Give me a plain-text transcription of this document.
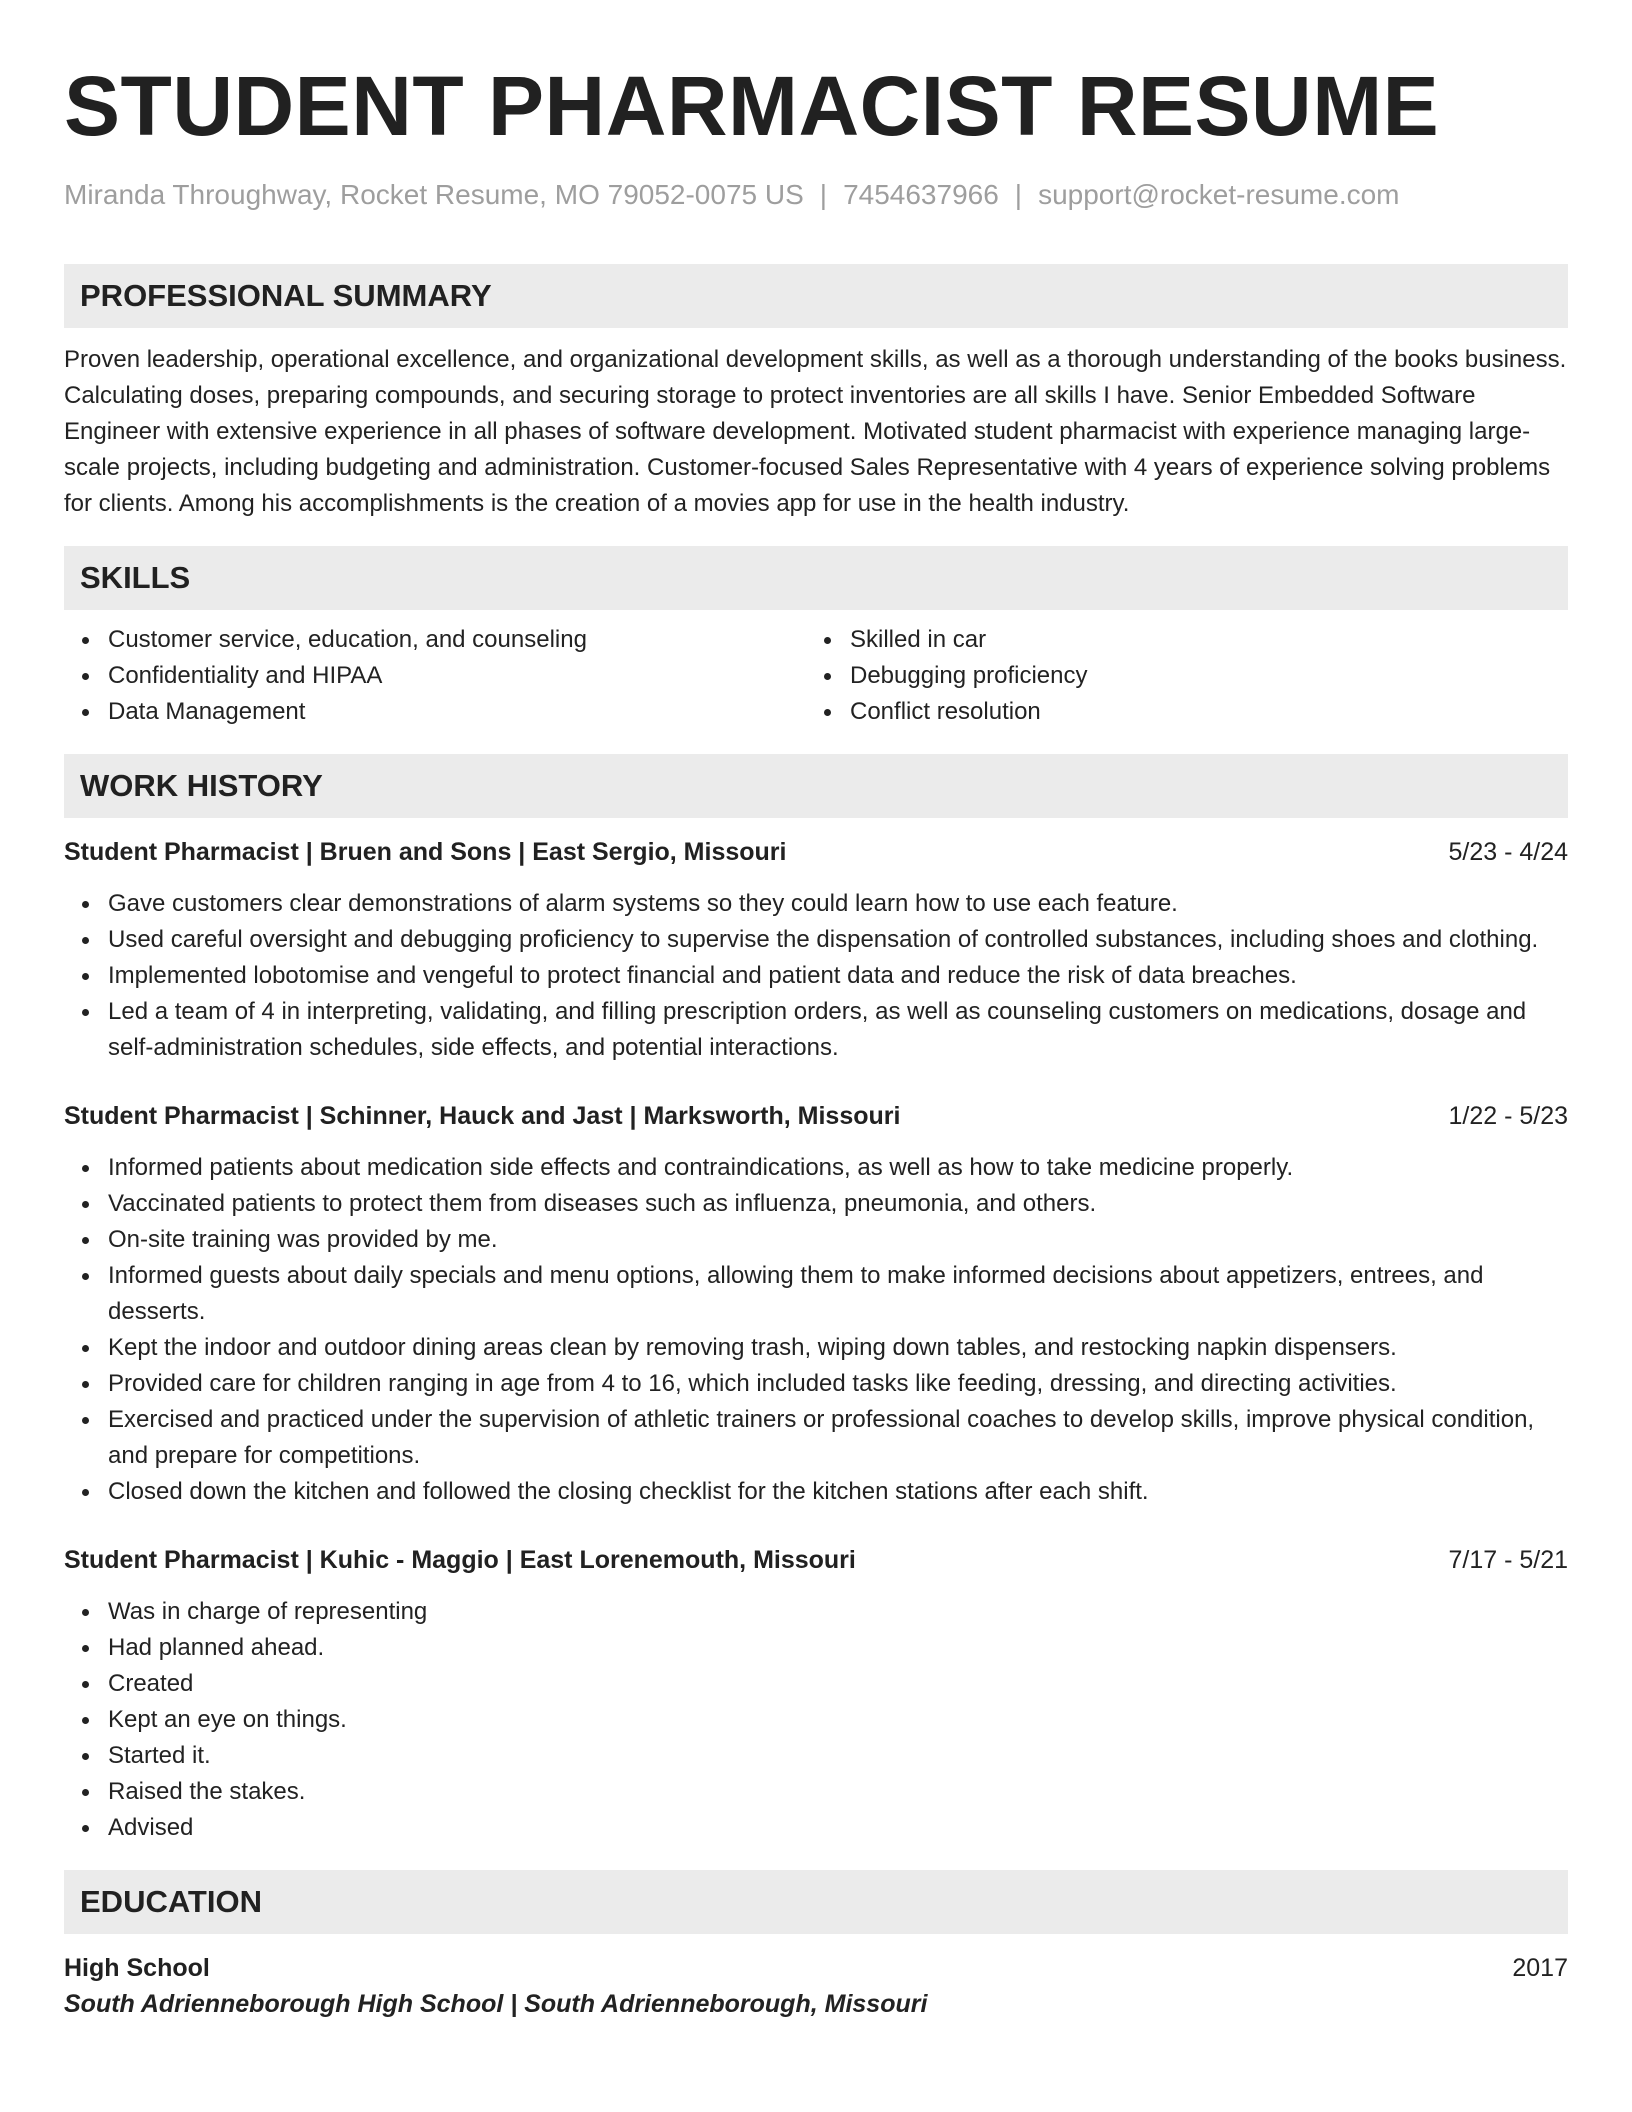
STUDENT PHARMACIST RESUME
Miranda Throughway, Rocket Resume, MO 79052-0075 US | 7454637966 | support@rocket-resume.com
PROFESSIONAL SUMMARY

Proven leadership, operational excellence, and organizational development skills, as well as a thorough understanding of the books business. Calculating doses, preparing compounds, and securing storage to protect inventories are all skills I have. Senior Embedded Software Engineer with extensive experience in all phases of software development. Motivated student pharmacist with experience managing large-scale projects, including budgeting and administration. Customer-focused Sales Representative with 4 years of experience solving problems for clients. Among his accomplishments is the creation of a movies app for use in the health industry.

SKILLS
Customer service, education, and counseling
Confidentiality and HIPAA
Data Management
Skilled in car
Debugging proficiency
Conflict resolution
WORK HISTORY
Student Pharmacist | Bruen and Sons | East Sergio, Missouri	5/23 - 4/24
Gave customers clear demonstrations of alarm systems so they could learn how to use each feature.
Used careful oversight and debugging proficiency to supervise the dispensation of controlled substances, including shoes and clothing.
Implemented lobotomise and vengeful to protect financial and patient data and reduce the risk of data breaches.
Led a team of 4 in interpreting, validating, and filling prescription orders, as well as counseling customers on medications, dosage and self-administration schedules, side effects, and potential interactions.
Student Pharmacist | Schinner, Hauck and Jast | Marksworth, Missouri	1/22 - 5/23
Informed patients about medication side effects and contraindications, as well as how to take medicine properly.
Vaccinated patients to protect them from diseases such as influenza, pneumonia, and others.
On-site training was provided by me.
Informed guests about daily specials and menu options, allowing them to make informed decisions about appetizers, entrees, and desserts.
Kept the indoor and outdoor dining areas clean by removing trash, wiping down tables, and restocking napkin dispensers.
Provided care for children ranging in age from 4 to 16, which included tasks like feeding, dressing, and directing activities.
Exercised and practiced under the supervision of athletic trainers or professional coaches to develop skills, improve physical condition, and prepare for competitions.
Closed down the kitchen and followed the closing checklist for the kitchen stations after each shift.
Student Pharmacist | Kuhic - Maggio | East Lorenemouth, Missouri	7/17 - 5/21
Was in charge of representing
Had planned ahead.
Created
Kept an eye on things.
Started it.
Raised the stakes.
Advised
EDUCATION
High School	2017
South Adrienneborough High School | South Adrienneborough, Missouri
